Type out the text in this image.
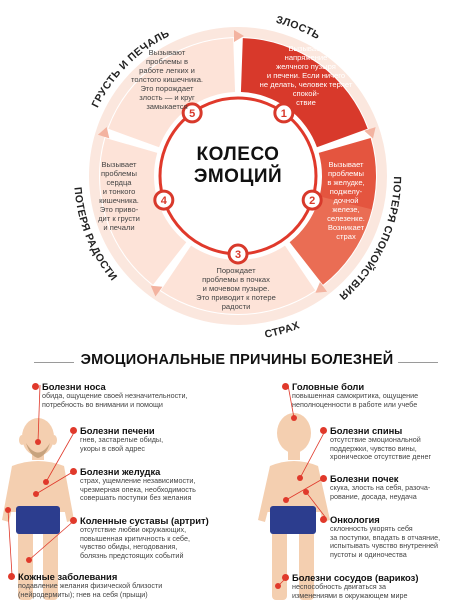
1
2
3
4
5
ЗЛОСТЬ
ПОТЕРЯ СПОКОЙСТВИЯ
СТРАХ
ПОТЕРЯ РАДОСТИ
ГРУСТЬ И ПЕЧАЛЬ
КОЛЕСО
ЭМОЦИЙ
Вызывает
напряжение
желчного пузыря
и печени. Если ничего
не делать, человек теряет
спокой-
ствие
Вызывает
проблемы
в желудке,
поджелу-
дочной
железе,
селезенке.
Возникает
страх
Порождает
проблемы в почках
и мочевом пузыре.
Это приводит к потере
радости
Вызывает
проблемы
сердца
и тонкого
кишечника.
Это приво-
дит к грусти
и печали
Вызывают
проблемы в
работе легких и
толстого кишечника.
Это порождает
злость — и круг
замыкается
ЭМОЦИОНАЛЬНЫЕ ПРИЧИНЫ БОЛЕЗНЕЙ
Болезни носа
обида, ощущение своей незначительности,
потребность во внимании и помощи
Болезни печени
гнев, застарелые обиды,
укоры в свой адрес
Болезни желудка
страх, ущемление независимости,
чрезмерная опека, необходимость
совершать поступки без желания
Коленные суставы (артрит)
отсутствие любви окружающих,
повышенная критичность к себе,
чувство обиды, негодования,
болязнь предстоящих событий
Кожные заболевания
подавление желания физической близости
(нейродермиты); гнев на себя (прыщи)
Головные боли
повышенная самокритика, ощущение
неполноценности в работе или учебе
Болезни спины
отсутствие эмоциональной
поддержки, чувство вины,
хроническое отсутствие денег
Болезни почек
скука, злость на себя, разоча-
рование, досада, неудача
Онкология
склонность укорять себя
за поступки, впадать в отчаяние,
испытывать чувство внутренней
пустоты и одиночества
Болезни сосудов (варикоз)
неспособность двигаться за
изменениями в окружающем мире
